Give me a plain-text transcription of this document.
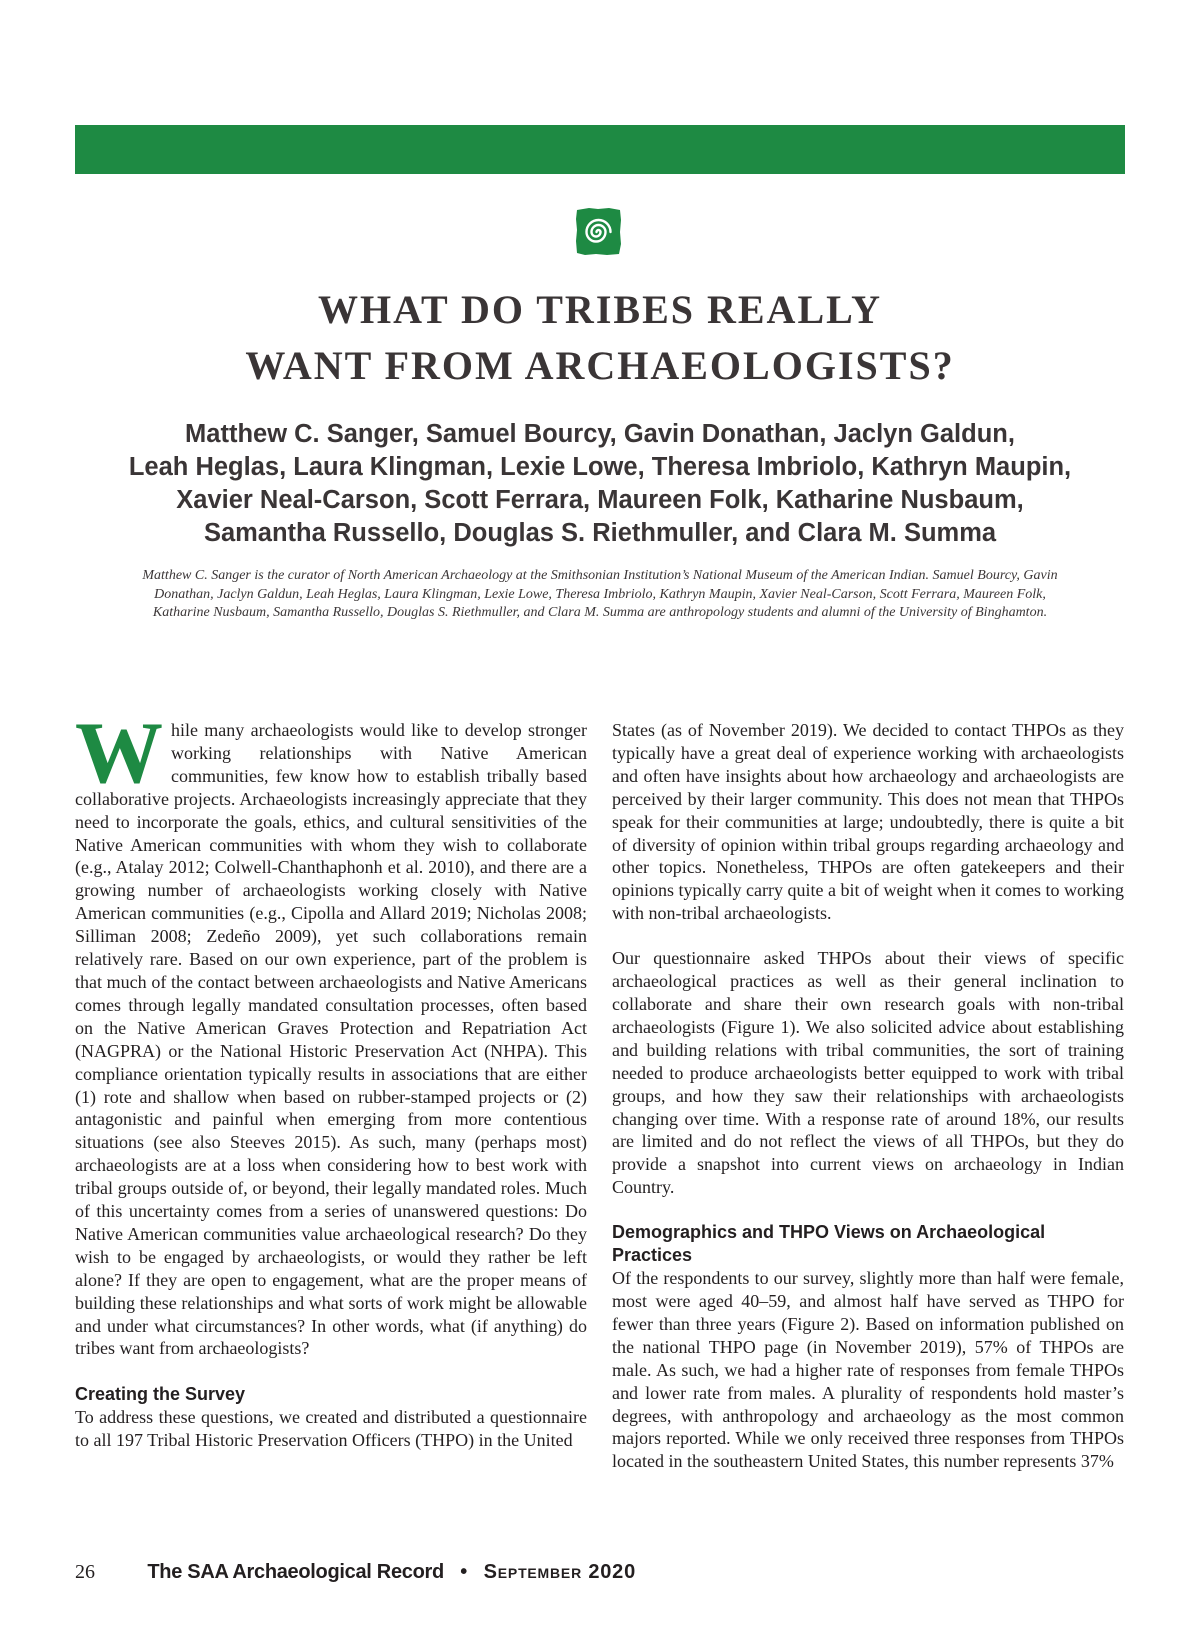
WHAT DO TRIBES REALLY
WANT FROM ARCHAEOLOGISTS?
Matthew C. Sanger, Samuel Bourcy, Gavin Donathan, Jaclyn Galdun,
Leah Heglas, Laura Klingman, Lexie Lowe, Theresa Imbriolo, Kathryn Maupin,
Xavier Neal-Carson, Scott Ferrara, Maureen Folk, Katharine Nusbaum,
Samantha Russello, Douglas S. Riethmuller, and Clara M. Summa
Matthew C. Sanger is the curator of North American Archaeology at the Smithsonian Institution’s National Museum of the American Indian. Samuel Bourcy, Gavin
Donathan, Jaclyn Galdun, Leah Heglas, Laura Klingman, Lexie Lowe, Theresa Imbriolo, Kathryn Maupin, Xavier Neal-Carson, Scott Ferrara, Maureen Folk,
Katharine Nusbaum, Samantha Russello, Douglas S. Riethmuller, and Clara M. Summa are anthropology students and alumni of the University of Binghamton.

While many archaeologists would like to develop stronger working relationships with Native American communities, few know how to establish tribally based collaborative projects. Archaeologists increasingly appreciate that they need to incorporate the goals, ethics, and cultural sensitivities of the Native American communities with whom they wish to collaborate (e.g., Atalay 2012; Colwell-Chanthaphonh et al. 2010), and there are a growing number of archaeologists working closely with Native American communities (e.g., Cipolla and Allard 2019; Nicholas 2008; Silliman 2008; Zedeño 2009), yet such collaborations remain relatively rare. Based on our own experience, part of the problem is that much of the contact between archaeologists and Native Americans comes through legally mandated consultation processes, often based on the Native American Graves Protection and Repatriation Act (NAGPRA) or the National Historic Preservation Act (NHPA). This compliance orientation typically results in associations that are either (1) rote and shallow when based on rubber-stamped projects or (2) antagonistic and painful when emerging from more contentious situations (see also Steeves 2015). As such, many (perhaps most) archaeologists are at a loss when considering how to best work with tribal groups outside of, or beyond, their legally mandated roles. Much of this uncertainty comes from a series of unanswered questions: Do Native American communities value archaeological research? Do they wish to be engaged by archaeologists, or would they rather be left alone? If they are open to engagement, what are the proper means of building these relationships and what sorts of work might be allowable and under what circumstances? In other words, what (if anything) do tribes want from archaeologists?

Creating the Survey

To address these questions, we created and distributed a questionnaire to all 197 Tribal Historic Preservation Officers (THPO) in the United

States (as of November 2019). We decided to contact THPOs as they typically have a great deal of experience working with archaeologists and often have insights about how archaeology and archaeologists are perceived by their larger community. This does not mean that THPOs speak for their communities at large; undoubtedly, there is quite a bit of diversity of opinion within tribal groups regarding archaeology and other topics. Nonetheless, THPOs are often gatekeepers and their opinions typically carry quite a bit of weight when it comes to working with non-tribal archaeologists.

Our questionnaire asked THPOs about their views of specific archaeological practices as well as their general inclination to collaborate and share their own research goals with non-tribal archaeologists (Figure 1). We also solicited advice about establishing and building relations with tribal communities, the sort of training needed to produce archaeologists better equipped to work with tribal groups, and how they saw their relationships with archaeologists changing over time. With a response rate of around 18%, our results are limited and do not reflect the views of all THPOs, but they do provide a snapshot into current views on archaeology in Indian Country.

Demographics and THPO Views on Archaeological Practices

Of the respondents to our survey, slightly more than half were female, most were aged 40–59, and almost half have served as THPO for fewer than three years (Figure 2). Based on information published on the national THPO page (in November 2019), 57% of THPOs are male. As such, we had a higher rate of responses from female THPOs and lower rate from males. A plurality of respondents hold master’s degrees, with anthropology and archaeology as the most common majors reported. While we only received three responses from THPOs located in the southeastern United States, this number represents 37%

26	The SAA Archaeological Record • September 2020
